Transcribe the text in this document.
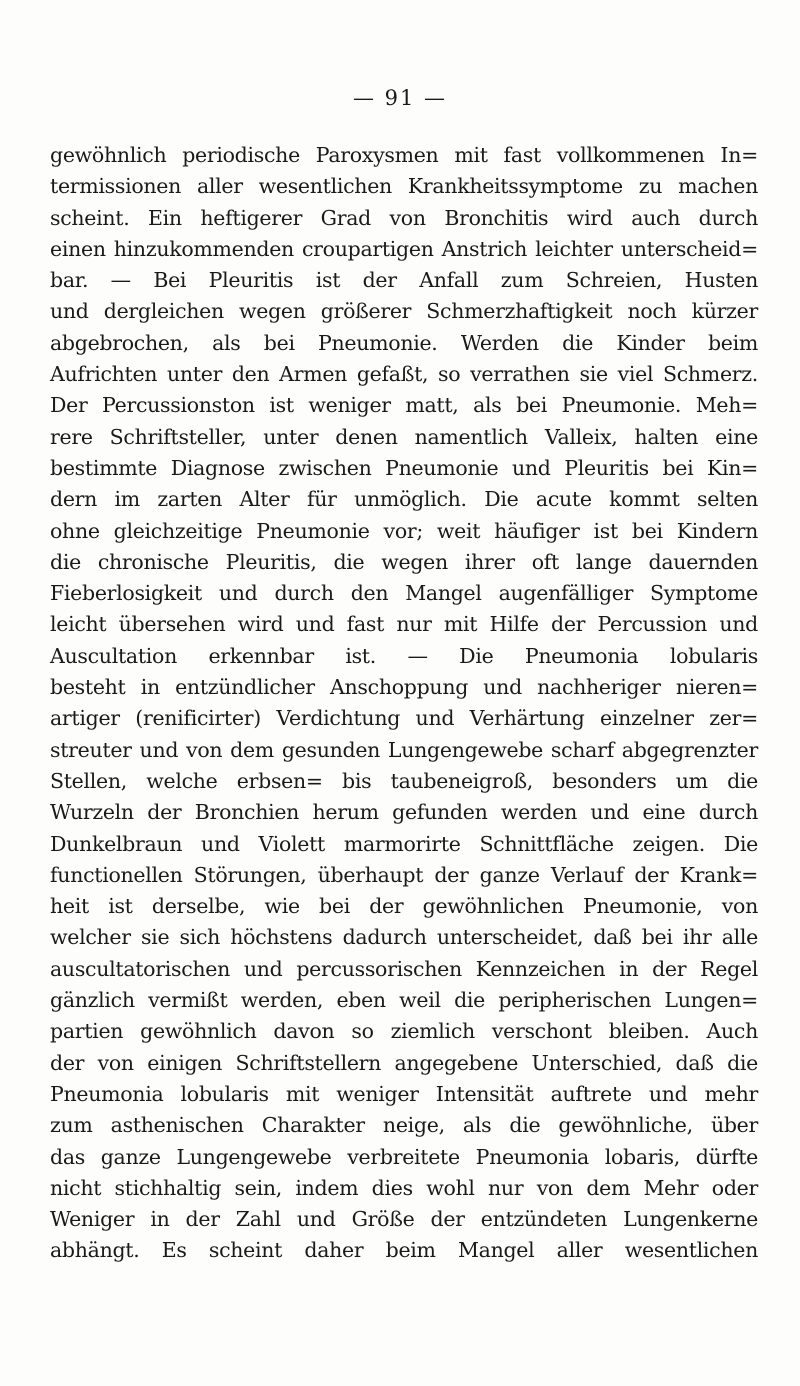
— 91 —
gewöhnlich periodische Paroxysmen mit fast vollkommenen In=
termissionen aller wesentlichen Krankheitssymptome zu machen
scheint. Ein heftigerer Grad von Bronchitis wird auch durch
einen hinzukommenden croupartigen Anstrich leichter unterscheid=
bar. — Bei Pleuritis ist der Anfall zum Schreien, Husten
und dergleichen wegen größerer Schmerzhaftigkeit noch kürzer
abgebrochen, als bei Pneumonie. Werden die Kinder beim
Aufrichten unter den Armen gefaßt, so verrathen sie viel Schmerz.
Der Percussionston ist weniger matt, als bei Pneumonie. Meh=
rere Schriftsteller, unter denen namentlich Valleix, halten eine
bestimmte Diagnose zwischen Pneumonie und Pleuritis bei Kin=
dern im zarten Alter für unmöglich. Die acute kommt selten
ohne gleichzeitige Pneumonie vor; weit häufiger ist bei Kindern
die chronische Pleuritis, die wegen ihrer oft lange dauernden
Fieberlosigkeit und durch den Mangel augenfälliger Symptome
leicht übersehen wird und fast nur mit Hilfe der Percussion und
Auscultation erkennbar ist. — Die Pneumonia lobularis
besteht in entzündlicher Anschoppung und nachheriger nieren=
artiger (renificirter) Verdichtung und Verhärtung einzelner zer=
streuter und von dem gesunden Lungengewebe scharf abgegrenzter
Stellen, welche erbsen= bis taubeneigroß, besonders um die
Wurzeln der Bronchien herum gefunden werden und eine durch
Dunkelbraun und Violett marmorirte Schnittfläche zeigen. Die
functionellen Störungen, überhaupt der ganze Verlauf der Krank=
heit ist derselbe, wie bei der gewöhnlichen Pneumonie, von
welcher sie sich höchstens dadurch unterscheidet, daß bei ihr alle
auscultatorischen und percussorischen Kennzeichen in der Regel
gänzlich vermißt werden, eben weil die peripherischen Lungen=
partien gewöhnlich davon so ziemlich verschont bleiben. Auch
der von einigen Schriftstellern angegebene Unterschied, daß die
Pneumonia lobularis mit weniger Intensität auftrete und mehr
zum asthenischen Charakter neige, als die gewöhnliche, über
das ganze Lungengewebe verbreitete Pneumonia lobaris, dürfte
nicht stichhaltig sein, indem dies wohl nur von dem Mehr oder
Weniger in der Zahl und Größe der entzündeten Lungenkerne
abhängt. Es scheint daher beim Mangel aller wesentlichen
